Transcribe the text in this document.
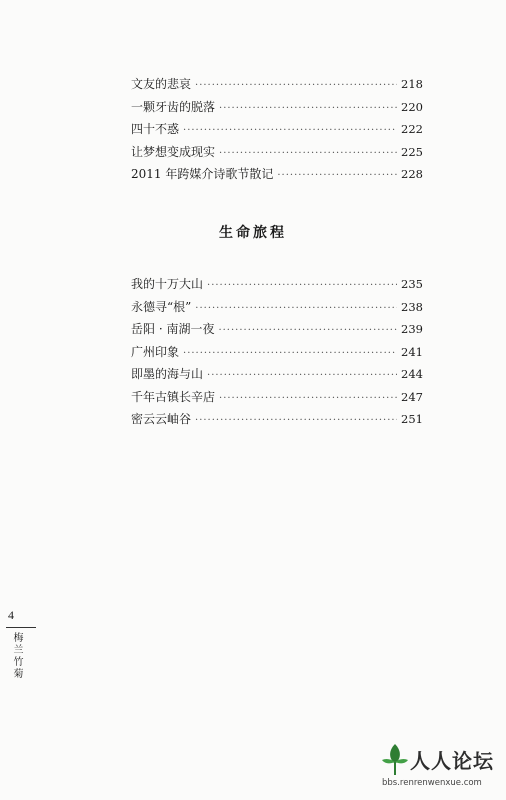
文友的悲哀 ·····	218
一颗牙齿的脱落 ·····	220
四十不惑 ·····	222
让梦想变成现实 ·····	225
2011 年跨媒介诗歌节散记 ·····	228
生命旅程
我的十万大山 ·····	235
永德寻“根” ·····	238
岳阳 · 南湖一夜 ·····	239
广州印象 ·····	241
即墨的海与山 ·····	244
千年古镇长辛店 ·····	247
密云云岫谷 ·····	251
4
梅兰竹菊
人人论坛
bbs.renrenwenxue.com
